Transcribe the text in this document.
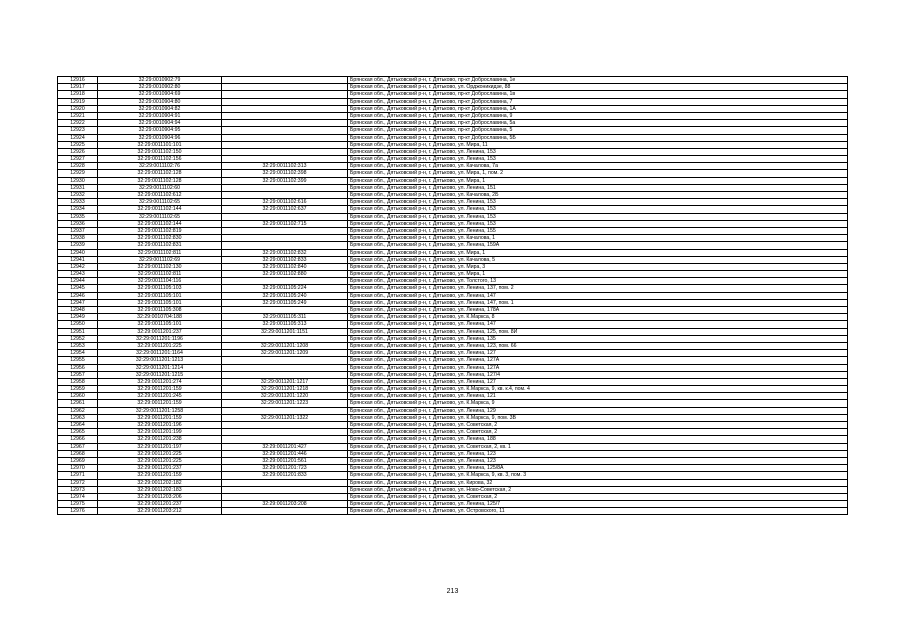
12916	32:29:0010902:79		Брянская обл., Дятьковский р-н, г. Дятьково, пр-кт Доброславина, 1е
12917	32:29:0010902:80		Брянская обл., Дятьковский р-н, г. Дятьково, ул. Орджоникидзе, 88
12918	32:29:0010904:69		Брянская обл., Дятьковский р-н, г. Дятьково, пр-кт Доброславина, 1в
12919	32:29:0010904:80		Брянская обл., Дятьковский р-н, г. Дятьково, пр-кт Доброславина, 7
12920	32:29:0010904:82		Брянская обл., Дятьковский р-н, г. Дятьково, пр-кт Доброславина, 1А
12921	32:29:0010904:91		Брянская обл., Дятьковский р-н, г. Дятьково, пр-кт Доброславина, 9
12922	32:29:0010904:94		Брянская обл., Дятьковский р-н, г. Дятьково, пр-кт Доброславина, 5а
12923	32:29:0010904:95		Брянская обл., Дятьковский р-н, г. Дятьково, пр-кт Доброславина, 5
12924	32:29:0010904:96		Брянская обл., Дятьковский р-н, г. Дятьково, пр-кт Доброславина, 5Б
12925	32:29:0011101:101		Брянская обл., Дятьковский р-н, г. Дятьково, ул. Мира, 11
12926	32:29:0011102:150		Брянская обл., Дятьковский р-н, г. Дятьково, ул. Ленина, 153
12927	32:29:0011102:156		Брянская обл., Дятьковский р-н, г. Дятьково, ул. Ленина, 153
12928	32:29:0011102:76	32:29:0011102:313	Брянская обл., Дятьковский р-н, г. Дятьково, ул. Качалова, 7а
12929	32:29:0011102:128	32:29:0011102:398	Брянская обл., Дятьковский р-н, г. Дятьково, ул. Мира, 1, пом. 2
12930	32:29:0011102:128	32:29:0011102:399	Брянская обл., Дятьковский р-н, г. Дятьково, ул. Мира, 1
12931	32:29:0011102:60		Брянская обл., Дятьковский р-н, г. Дятьково, ул. Ленина, 151
12932	32:29:0011102:612		Брянская обл., Дятьковский р-н, г. Дятьково, ул. Качалова, 2Б
12933	32:29:0011102:65	32:29:0011102:616	Брянская обл., Дятьковский р-н, г. Дятьково, ул. Ленина, 153
12934	32:29:0011102:144	32:29:0011102:637	Брянская обл., Дятьковский р-н, г. Дятьково, ул. Ленина, 153
12935	32:29:0011102:65		Брянская обл., Дятьковский р-н, г. Дятьково, ул. Ленина, 153
12936	32:29:0011102:144	32:29:0011102:715	Брянская обл., Дятьковский р-н, г. Дятьково, ул. Ленина, 153
12937	32:29:0011102:819		Брянская обл., Дятьковский р-н, г. Дятьково, ул. Ленина, 155
12938	32:29:0011102:830		Брянская обл., Дятьковский р-н, г. Дятьково, ул. Качалова, 1
12939	32:29:0011102:831		Брянская обл., Дятьковский р-н, г. Дятьково, ул. Ленина, 159А
12940	32:29:0011102:811	32:29:0011102:832	Брянская обл., Дятьковский р-н, г. Дятьково, ул. Мира, 1
12941	32:29:0011102:69	32:29:0011102:833	Брянская обл., Дятьковский р-н, г. Дятьково, ул. Качалова, 5
12942	32:29:0011102:130	32:29:0011102:840	Брянская обл., Дятьковский р-н, г. Дятьково, ул. Мира, 3
12943	32:29:0011102:811	32:29:0011102:880	Брянская обл., Дятьковский р-н, г. Дятьково, ул. Мира, 1
12944	32:29:0011104:116		Брянская обл., Дятьковский р-н, г. Дятьково, ул. Толстого, 13
12945	32:29:0011105:103	32:29:0011105:224	Брянская обл., Дятьковский р-н, г. Дятьково, ул. Ленина, 137, пом. 2
12946	32:29:0011105:101	32:29:0011105:240	Брянская обл., Дятьковский р-н, г. Дятьково, ул. Ленина, 147
12947	32:29:0011105:101	32:29:0011105:249	Брянская обл., Дятьковский р-н, г. Дятьково, ул. Ленина, 147, пом. 1
12948	32:29:0011105:308		Брянская обл., Дятьковский р-н, г. Дятьково, ул. Ленина, 178А
12949	32:29:0010704:188	32:29:0011105:311	Брянская обл., Дятьковский р-н, г. Дятьково, ул. К.Маркса, 8
12950	32:29:0011105:101	32:29:0011105:313	Брянская обл., Дятьковский р-н, г. Дятьково, ул. Ленина, 147
12951	32:29:0011201:237	32:29:0011201:1151	Брянская обл., Дятьковский р-н, г. Дятьково, ул. Ленина, 125, пом. 8И
12952	32:29:0011201:1196		Брянская обл., Дятьковский р-н, г. Дятьково, ул. Ленина, 135
12953	32:29:0011201:225	32:29:0011201:1208	Брянская обл., Дятьковский р-н, г. Дятьково, ул. Ленина, 123, пом. 66
12954	32:29:0011201:1164	32:29:0011201:1209	Брянская обл., Дятьковский р-н, г. Дятьково, ул. Ленина, 127
12955	32:29:0011201:1213		Брянская обл., Дятьковский р-н, г. Дятьково, ул. Ленина, 127А
12956	32:29:0011201:1214		Брянская обл., Дятьковский р-н, г. Дятьково, ул. Ленина, 127А
12957	32:29:0011201:1215		Брянская обл., Дятьковский р-н, г. Дятьково, ул. Ленина, 127/4
12958	32:29:0011201:274	32:29:0011201:1217	Брянская обл., Дятьковский р-н, г. Дятьково, ул. Ленина, 127
12959	32:29:0011201:159	32:29:0011201:1218	Брянская обл., Дятьковский р-н, г. Дятьково, ул. К.Маркса, 9, кв. к.4, пом. 4
12960	32:29:0011201:245	32:29:0011201:1220	Брянская обл., Дятьковский р-н, г. Дятьково, ул. Ленина, 121
12961	32:29:0011201:159	32:29:0011201:1223	Брянская обл., Дятьковский р-н, г. Дятьково, ул. К.Маркса, 9
12962	32:29:0011201:1258		Брянская обл., Дятьковский р-н, г. Дятьково, ул. Ленина, 129
12963	32:29:0011201:159	32:29:0011201:1322	Брянская обл., Дятьковский р-н, г. Дятьково, ул. К.Маркса, 9, пом. 3В
12964	32:29:0011201:196		Брянская обл., Дятьковский р-н, г. Дятьково, ул. Советская, 2
12965	32:29:0011201:199		Брянская обл., Дятьковский р-н, г. Дятьково, ул. Советская, 2
12966	32:29:0011201:238		Брянская обл., Дятьковский р-н, г. Дятьково, ул. Ленина, 188
12967	32:29:0011201:197	32:29:0011201:427	Брянская обл., Дятьковский р-н, г. Дятьково, ул. Советская, 2, кв. 1
12968	32:29:0011201:225	32:29:0011201:446	Брянская обл., Дятьковский р-н, г. Дятьково, ул. Ленина, 123
12969	32:29:0011201:225	32:29:0011201:561	Брянская обл., Дятьковский р-н, г. Дятьково, ул. Ленина, 123
12970	32:29:0011201:237	32:29:0011201:723	Брянская обл., Дятьковский р-н, г. Дятьково, ул. Ленина, 125/8А
12971	32:29:0011201:159	32:29:0011201:833	Брянская обл., Дятьковский р-н, г. Дятьково, ул. К.Маркса, 9, кв. 3, пом. 3
12972	32:29:0011202:182		Брянская обл., Дятьковский р-н, г. Дятьково, ул. Кирова, 32
12973	32:29:0011202:183		Брянская обл., Дятьковский р-н, г. Дятьково, ул. Ново-Советская, 2
12974	32:29:0011203:206		Брянская обл., Дятьковский р-н, г. Дятьково, ул. Советская, 2
12975	32:29:0011201:237	32:29:0011203:208	Брянская обл., Дятьковский р-н, г. Дятьково, ул. Ленина, 125/7
12976	32:29:0011203:212		Брянская обл., Дятьковский р-н, г. Дятьково, ул. Островского, 11
213
